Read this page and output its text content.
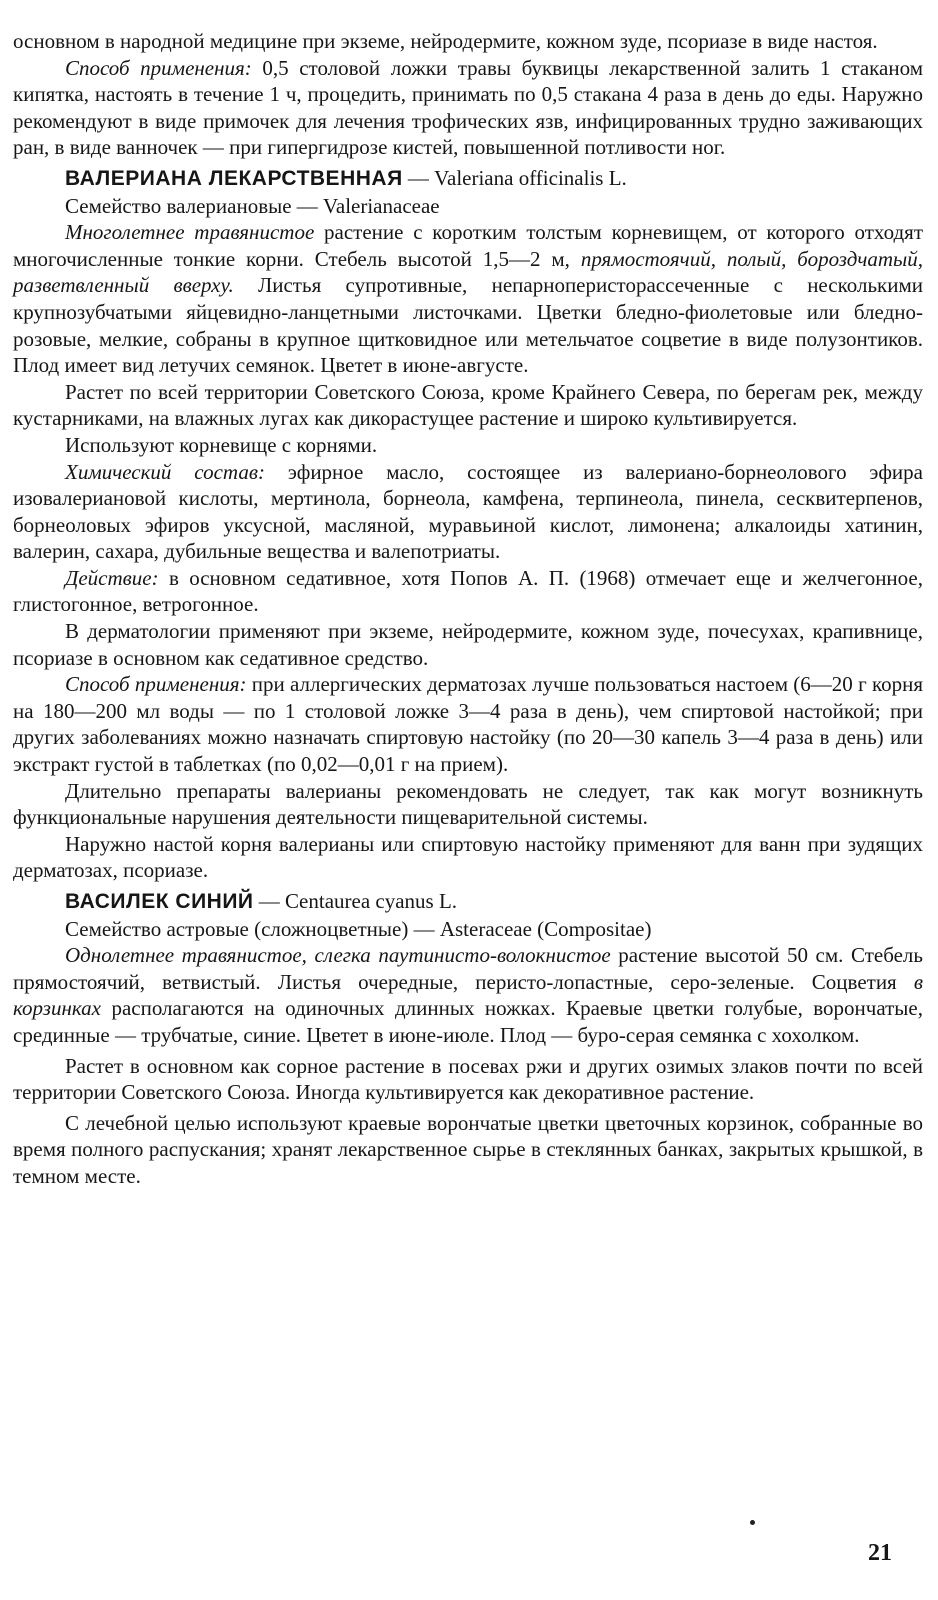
основном в народной медицине при экземе, нейродермите, кожном зуде, псориазе в виде настоя.

Способ применения: 0,5 столовой ложки травы буквицы лекарственной залить 1 стаканом кипятка, настоять в течение 1 ч, процедить, принимать по 0,5 стакана 4 раза в день до еды. Наружно рекомендуют в виде примочек для лечения трофических язв, инфицированных трудно заживающих ран, в виде ванночек — при гипергидрозе кистей, повышенной потливости ног.

ВАЛЕРИАНА ЛЕКАРСТВЕННАЯ — Valeriana officinalis L.

Семейство валериановые — Valerianaceae

Многолетнее травянистое растение с коротким толстым корневищем, от которого отходят многочисленные тонкие корни. Стебель высотой 1,5—2 м, прямостоячий, полый, бороздчатый, разветвленный вверху. Листья супротивные, непарноперисторассеченные с несколькими крупнозубчатыми яйцевидно-ланцетными листочками. Цветки бледно-фиолетовые или бледно-розовые, мелкие, собраны в крупное щитковидное или метельчатое соцветие в виде полузонтиков. Плод имеет вид летучих семянок. Цветет в июне-августе.

Растет по всей территории Советского Союза, кроме Крайнего Севера, по берегам рек, между кустарниками, на влажных лугах как дикорастущее растение и широко культивируется.

Используют корневище с корнями.

Химический состав: эфирное масло, состоящее из валериано-борнеолового эфира изовалериановой кислоты, мертинола, борнеола, камфена, терпинеола, пинела, сесквитерпенов, борнеоловых эфиров уксусной, масляной, муравьиной кислот, лимонена; алкалоиды хатинин, валерин, сахара, дубильные вещества и валепотриаты.

Действие: в основном седативное, хотя Попов А. П. (1968) отмечает еще и желчегонное, глистогонное, ветрогонное.

В дерматологии применяют при экземе, нейродермите, кожном зуде, почесухах, крапивнице, псориазе в основном как седативное средство.

Способ применения: при аллергических дерматозах лучше пользоваться настоем (6—20 г корня на 180—200 мл воды — по 1 столовой ложке 3—4 раза в день), чем спиртовой настойкой; при других заболеваниях можно назначать спиртовую настойку (по 20—30 капель 3—4 раза в день) или экстракт густой в таблетках (по 0,02—0,01 г на прием).

Длительно препараты валерианы рекомендовать не следует, так как могут возникнуть функциональные нарушения деятельности пищеварительной системы.

Наружно настой корня валерианы или спиртовую настойку применяют для ванн при зудящих дерматозах, псориазе.

ВАСИЛЕК СИНИЙ — Centaurea cyanus L.

Семейство астровые (сложноцветные) — Asteraceae (Compositae)

Однолетнее травянистое, слегка паутинисто-волокнистое растение высотой 50 см. Стебель прямостоячий, ветвистый. Листья очередные, перисто-лопастные, серо-зеленые. Соцветия в корзинках располагаются на одиночных длинных ножках. Краевые цветки голубые, ворончатые, срединные — трубчатые, синие. Цветет в июне-июле. Плод — буро-серая семянка с хохолком.

Растет в основном как сорное растение в посевах ржи и других озимых злаков почти по всей территории Советского Союза. Иногда культивируется как декоративное растение.

С лечебной целью используют краевые ворончатые цветки цветочных корзинок, собранные во время полного распускания; хранят лекарственное сырье в стеклянных банках, закрытых крышкой, в темном месте.

21
